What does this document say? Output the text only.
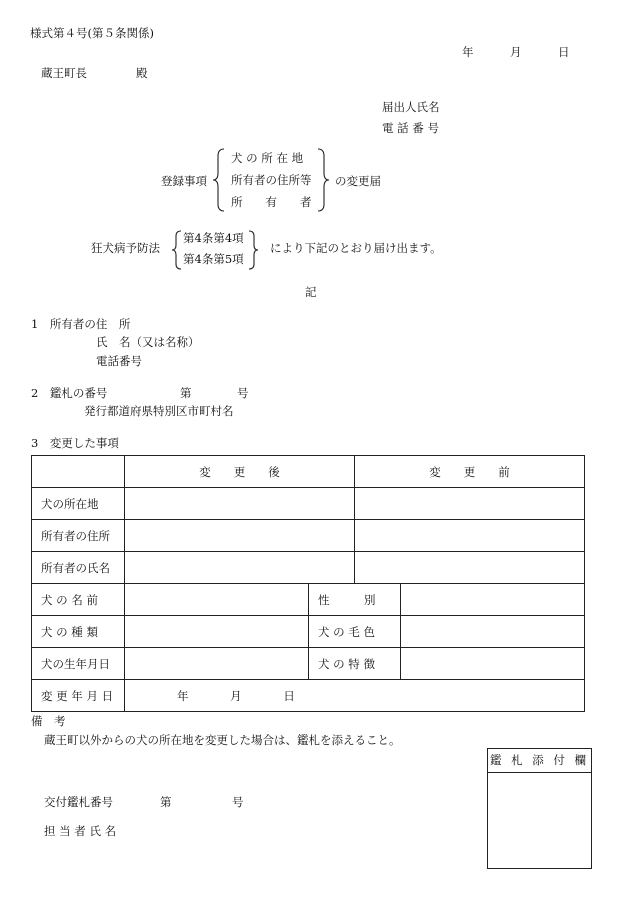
様式第４号(第５条関係)
年	月	日
蔵王町長	殿
届出人氏名
電 話 番 号
登録事項
犬 の 所 在 地
所有者の住所等
所　　有　　者
の変更届
狂犬病予防法
第4条第4項
第4条第5項
により下記のとおり届け出ます。
記
1　所有者の住　所
氏　名（又は名称）
電話番号
2　鑑札の番号	第	号
発行都道府県特別区市町村名
3　変更した事項
	変　　更　　後		変　　更　　前	
犬の所在地				
所有者の住所				
所有者の氏名				
犬 の 名 前		性　　　別		
犬 の 種 類		犬 の 毛 色		
犬の生年月日		犬 の 特 徴		
変 更 年 月 日	年 月 日			
備　考
蔵王町以外からの犬の所在地を変更した場合は、鑑札を添えること。
鑑 札 添 付 欄
交付鑑札番号	第	号
担 当 者 氏 名
